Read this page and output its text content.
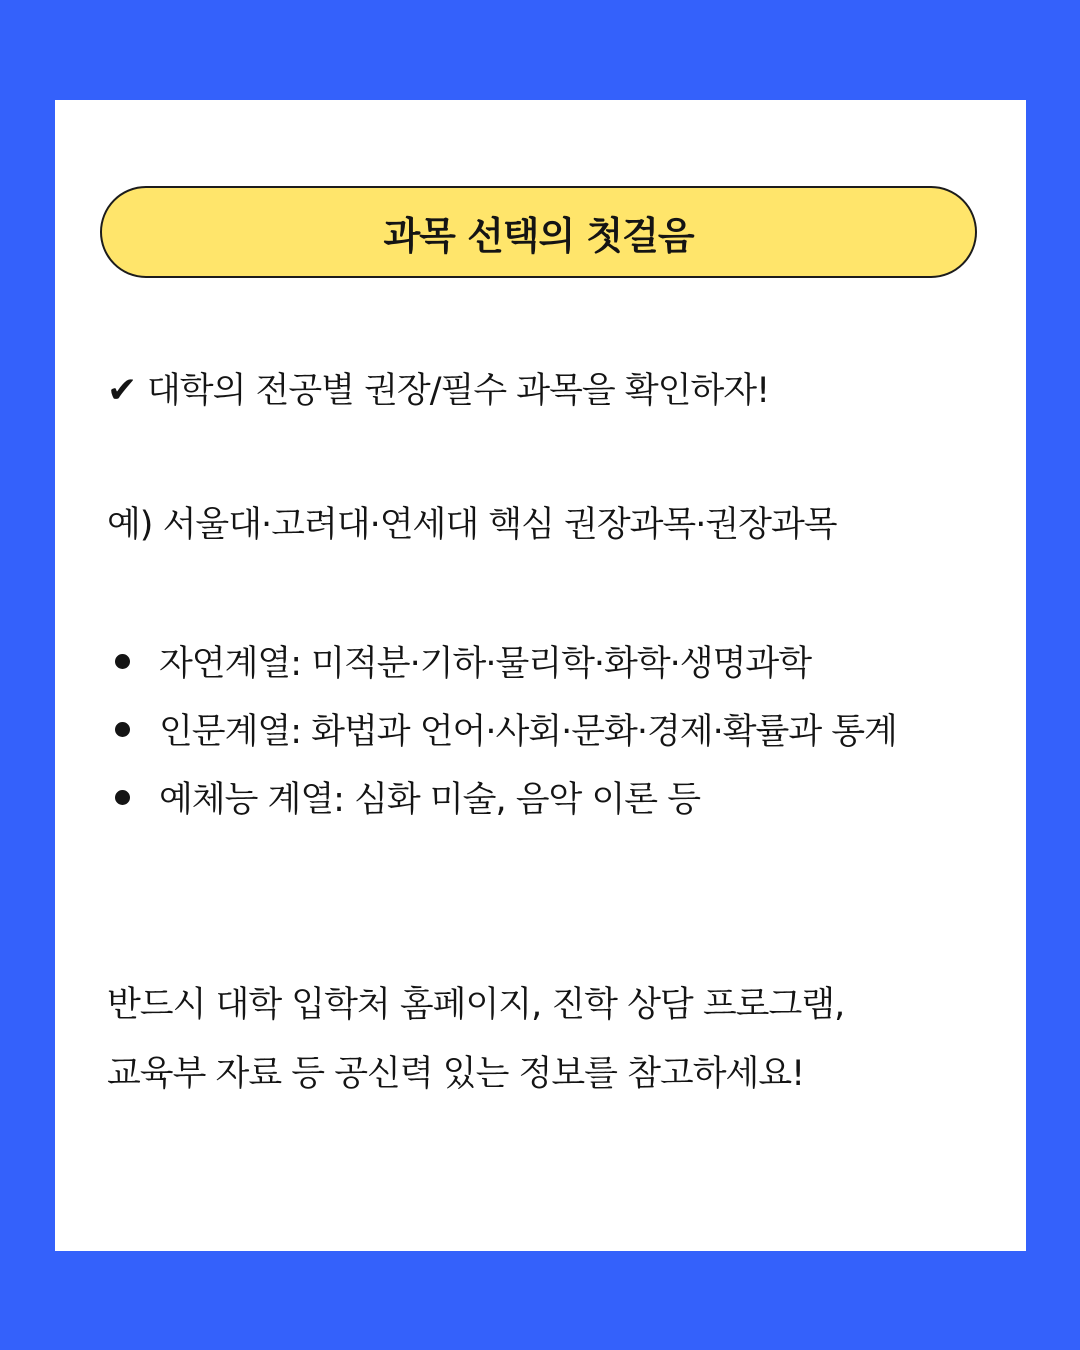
과목 선택의 첫걸음
✔ 대학의 전공별 권장/필수 과목을 확인하자!
예) 서울대·고려대·연세대 핵심 권장과목·권장과목
자연계열: 미적분·기하·물리학·화학·생명과학
인문계열: 화법과 언어·사회·문화·경제·확률과 통계
예체능 계열: 심화 미술, 음악 이론 등
반드시 대학 입학처 홈페이지, 진학 상담 프로그램,
교육부 자료 등 공신력 있는 정보를 참고하세요!
